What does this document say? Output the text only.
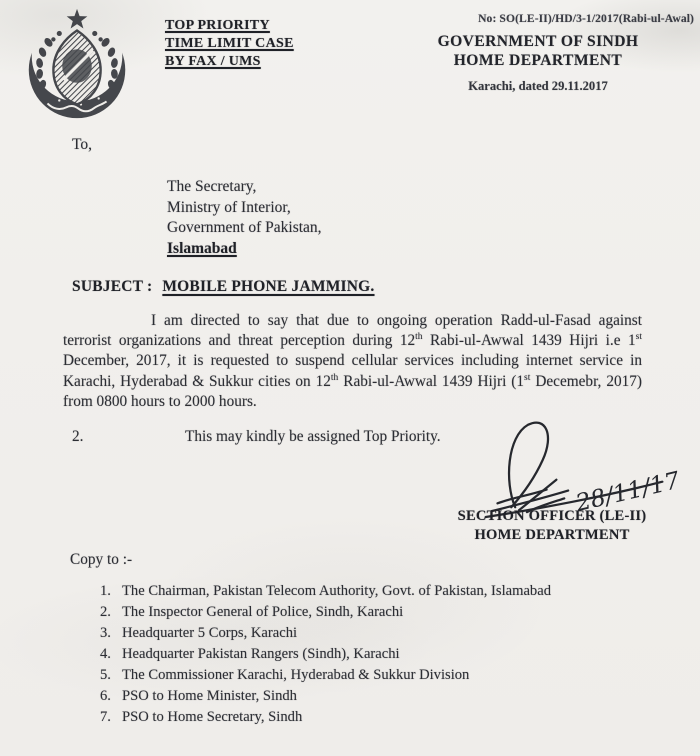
TOP PRIORITY
TIME LIMIT CASE
BY FAX / UMS
No: SO(LE-II)/HD/3-1/2017(Rabi-ul-Awal)
GOVERNMENT OF SINDH
HOME DEPARTMENT
Karachi, dated 29.11.2017
To,
The Secretary,
Ministry of Interior,
Government of Pakistan,
Islamabad
SUBJECT : MOBILE PHONE JAMMING.
I am directed to say that due to ongoing operation Radd-ul-Fasad against terrorist organizations and threat perception during 12th Rabi-ul-Awwal 1439 Hijri i.e 1st December, 2017, it is requested to suspend cellular services including internet service in Karachi, Hyderabad & Sukkur cities on 12th Rabi-ul-Awwal 1439 Hijri (1st Decemebr, 2017) from 0800 hours to 2000 hours.
2.	This may kindly be assigned Top Priority.
28/11/17
SECTION OFFICER (LE-II)
HOME DEPARTMENT
Copy to :-
1. The Chairman, Pakistan Telecom Authority, Govt. of Pakistan, Islamabad
2. The Inspector General of Police, Sindh, Karachi
3. Headquarter 5 Corps, Karachi
4. Headquarter Pakistan Rangers (Sindh), Karachi
5. The Commissioner Karachi, Hyderabad & Sukkur Division
6. PSO to Home Minister, Sindh
7. PSO to Home Secretary, Sindh
